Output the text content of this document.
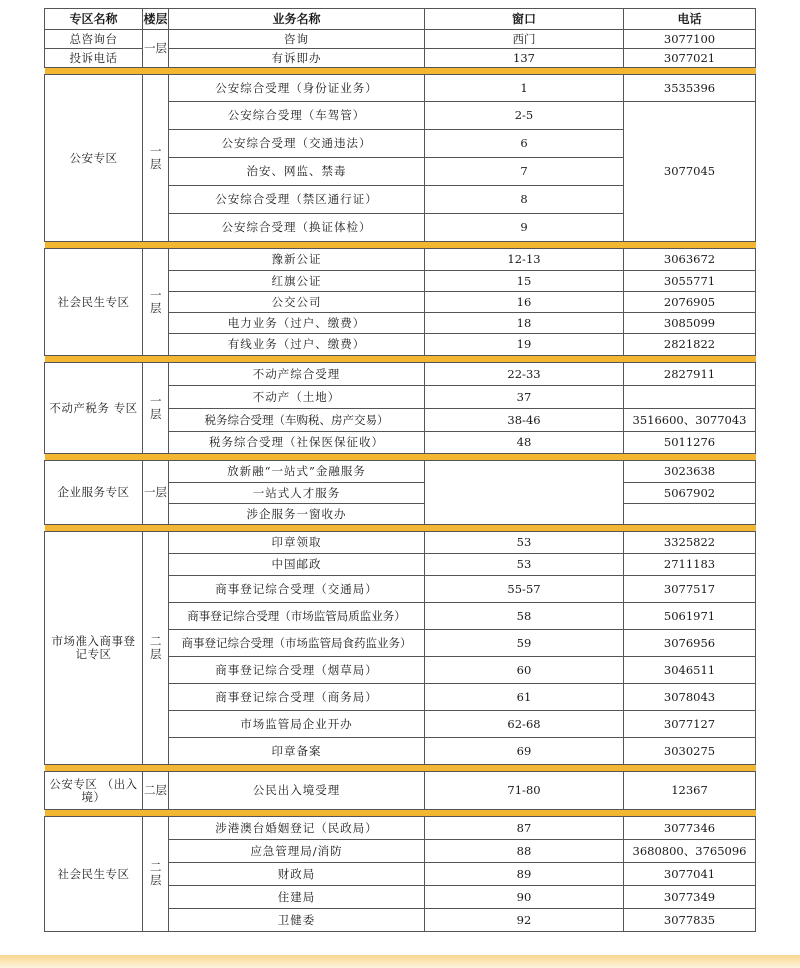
专区名称	楼层	业务名称	窗口	电话
总咨询台	一层	咨询	西门	3077100
投诉电话		有诉即办	137	3077021

公安专区	一层	公安综合受理（身份证业务）	1	3535396
		公安综合受理（车驾管）	2-5	3077045
		公安综合受理（交通违法）	6	
		治安、网监、禁毒	7	
		公安综合受理（禁区通行证）	8	
		公安综合受理（换证体检）	9	

社会民生专区	一层	豫新公证	12-13	3063672
		红旗公证	15	3055771
		公交公司	16	2076905
		电力业务（过户、缴费）	18	3085099
		有线业务（过户、缴费）	19	2821822

不动产税务 专区	一层	不动产综合受理	22-33	2827911
		不动产（土地）	37	
		税务综合受理（车购税、房产交易）	38-46	3516600、3077043
		税务综合受理（社保医保征收）	48	5011276

企业服务专区	一层	放新融“一站式”金融服务		3023638
		一站式人才服务		5067902
		涉企服务一窗收办		

市场准入商事登记专区	二层	印章领取	53	3325822
		中国邮政	53	2711183
		商事登记综合受理（交通局）	55-57	3077517
		商事登记综合受理（市场监管局质监业务）	58	5061971
		商事登记综合受理（市场监管局食药监业务）	59	3076956
		商事登记综合受理（烟草局）	60	3046511
		商事登记综合受理（商务局）	61	3078043
		市场监管局企业开办	62-68	3077127
		印章备案	69	3030275

公安专区 （出入境）	二层	公民出入境受理	71-80	12367

社会民生专区	二层	涉港澳台婚姻登记（民政局）	87	3077346
		应急管理局/消防	88	3680800、3765096
		财政局	89	3077041
		住建局	90	3077349
		卫健委	92	3077835
